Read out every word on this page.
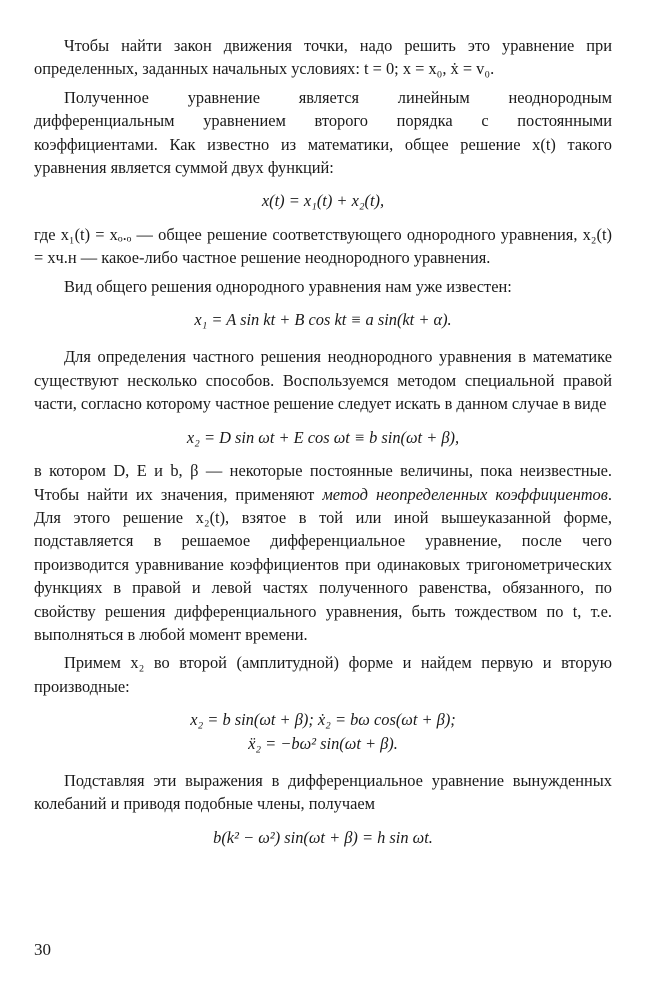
Чтобы найти закон движения точки, надо решить это уравнение при определенных, заданных начальных условиях: t = 0; x = x₀, ẋ = v₀.

Полученное уравнение является линейным неоднородным дифференциальным уравнением второго порядка с постоянными коэффициентами. Как известно из математики, общее решение x(t) такого уравнения является суммой двух функций:

x(t) = x₁(t) + x₂(t),

где x₁(t) = xₒ.ₒ — общее решение соответствующего однородного уравнения, x₂(t) = xч.н — какое-либо частное решение неоднородного уравнения.

Вид общего решения однородного уравнения нам уже известен:

x₁ = A sin kt + B cos kt ≡ a sin(kt + α).

Для определения частного решения неоднородного уравнения в математике существуют несколько способов. Воспользуемся методом специальной правой части, согласно которому частное решение следует искать в данном случае в виде

x₂ = D sin ωt + E cos ωt ≡ b sin(ωt + β),

в котором D, E и b, β — некоторые постоянные величины, пока неизвестные. Чтобы найти их значения, применяют метод неопределенных коэффициентов. Для этого решение x₂(t), взятое в той или иной вышеуказанной форме, подставляется в решаемое дифференциальное уравнение, после чего производится уравнивание коэффициентов при одинаковых тригонометрических функциях в правой и левой частях полученного равенства, обязанного, по свойству решения дифференциального уравнения, быть тождеством по t, т.е. выполняться в любой момент времени.

Примем x₂ во второй (амплитудной) форме и найдем первую и вторую производные:

x₂ = b sin(ωt + β); ẋ₂ = bω cos(ωt + β);
ẍ₂ = −bω² sin(ωt + β).

Подставляя эти выражения в дифференциальное уравнение вынужденных колебаний и приводя подобные члены, получаем

b(k² − ω²) sin(ωt + β) = h sin ωt.
30
